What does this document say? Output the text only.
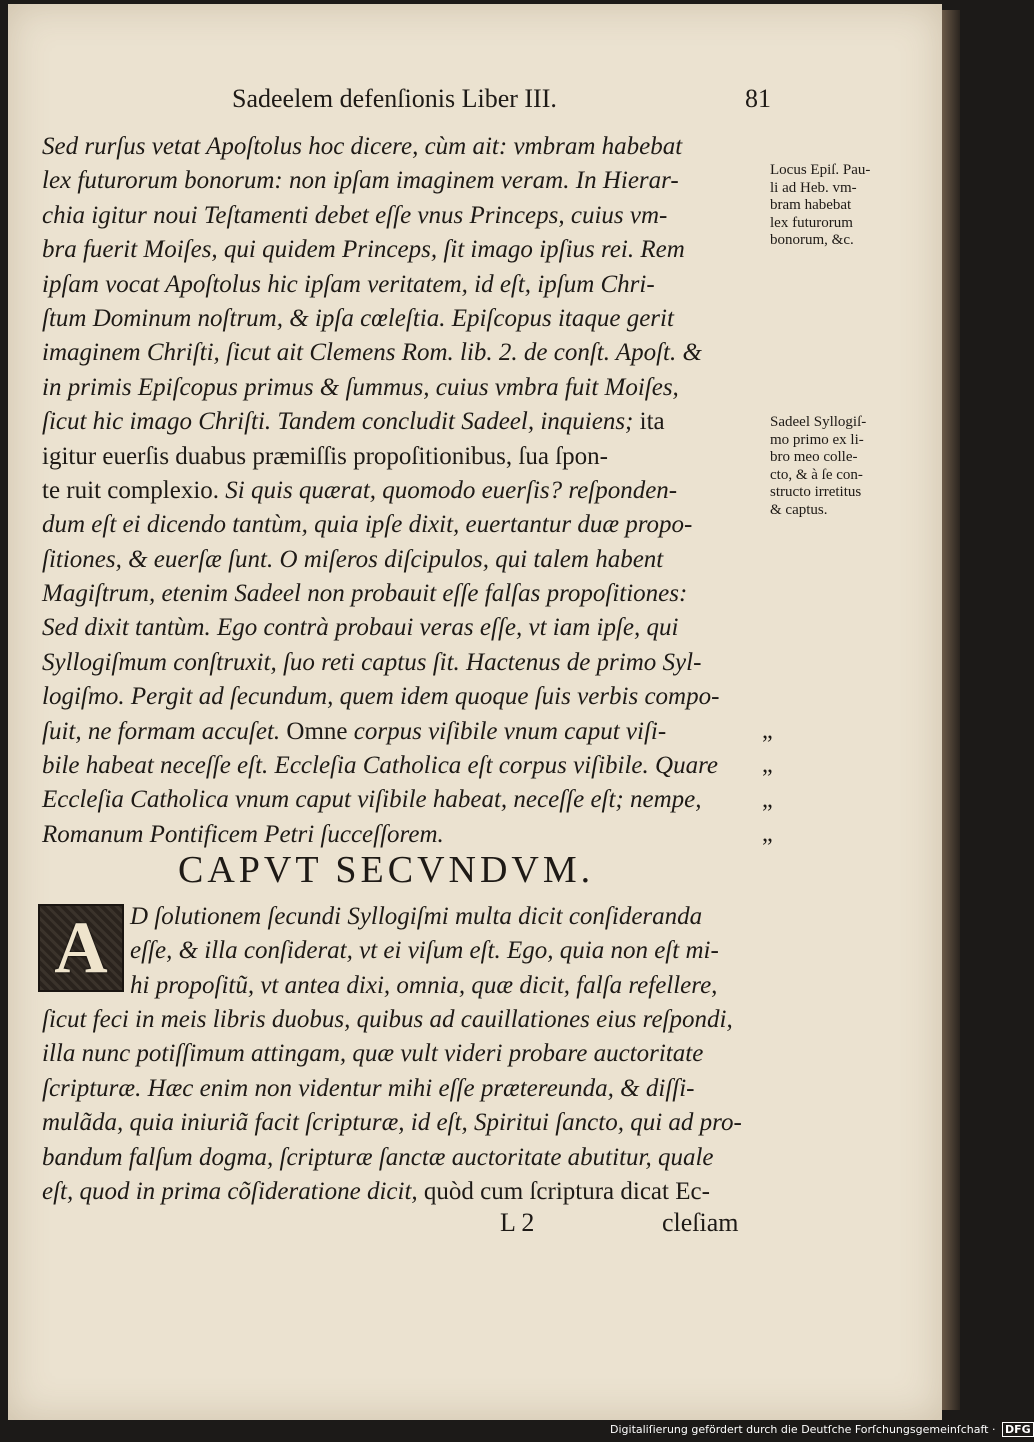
Sadeelem defenſionis Liber III.	81
Sed rurſus vetat Apoſtolus hoc dicere, cùm ait: vmbram habebat
lex futurorum bonorum: non ipſam imaginem veram. In Hierar-
chia igitur noui Teſtamenti debet eſſe vnus Princeps, cuius vm-
bra fuerit Moiſes, qui quidem Princeps, ſit imago ipſius rei. Rem
ipſam vocat Apoſtolus hic ipſam veritatem, id eſt, ipſum Chri-
ſtum Dominum noſtrum, & ipſa cœleſtia. Epiſcopus itaque gerit
imaginem Chriſti, ſicut ait Clemens Rom. lib. 2. de conſt. Apoſt. &
in primis Epiſcopus primus & ſummus, cuius vmbra fuit Moiſes,
ſicut hic imago Chriſti. Tandem concludit Sadeel, inquiens; ita
igitur euerſis duabus præmiſſis propoſitionibus, ſua ſpon-
te ruit complexio. Si quis quærat, quomodo euerſis? reſponden-
dum eſt ei dicendo tantùm, quia ipſe dixit, euertantur duæ propo-
ſitiones, & euerſæ ſunt. O miſeros diſcipulos, qui talem habent
Magiſtrum, etenim Sadeel non probauit eſſe falſas propoſitiones:
Sed dixit tantùm. Ego contrà probaui veras eſſe, vt iam ipſe, qui
Syllogiſmum conſtruxit, ſuo reti captus ſit. Hactenus de primo Syl-
logiſmo. Pergit ad ſecundum, quem idem quoque ſuis verbis compo-
ſuit, ne formam accuſet. Omne corpus viſibile vnum caput viſi-
bile habeat neceſſe eſt. Eccleſia Catholica eſt corpus viſibile. Quare
Eccleſia Catholica vnum caput viſibile habeat, neceſſe eſt; nempe,
Romanum Pontificem Petri ſucceſſorem.
Locus Epiſ. Pau-
li ad Heb. vm-
bram habebat
lex futurorum
bonorum, &c.
Sadeel Syllogiſ-
mo primo ex li-
bro meo colle-
cto, & à ſe con-
structo irretitus
& captus.
„
„
„
„
CAPVT SECVNDVM.
A D ſolutionem ſecundi Syllogiſmi multa dicit conſideranda
eſſe, & illa conſiderat, vt ei viſum eſt. Ego, quia non eſt mi-
hi propoſitũ, vt antea dixi, omnia, quæ dicit, falſa refellere,
ſicut feci in meis libris duobus, quibus ad cauillationes eius reſpondi,
illa nunc potiſſimum attingam, quæ vult videri probare auctoritate
ſcripturæ. Hæc enim non videntur mihi eſſe prætereunda, & diſſi-
mulãda, quia iniuriã facit ſcripturæ, id eſt, Spiritui ſancto, qui ad pro-
bandum falſum dogma, ſcripturæ ſanctæ auctoritate abutitur, quale
eſt, quod in prima cõſideratione dicit, quòd cum ſcriptura dicat Ec-
L 2	cleſiam
Digitaliſierung gefördert durch die Deutſche Forſchungsgemeinſchaft · DFG
